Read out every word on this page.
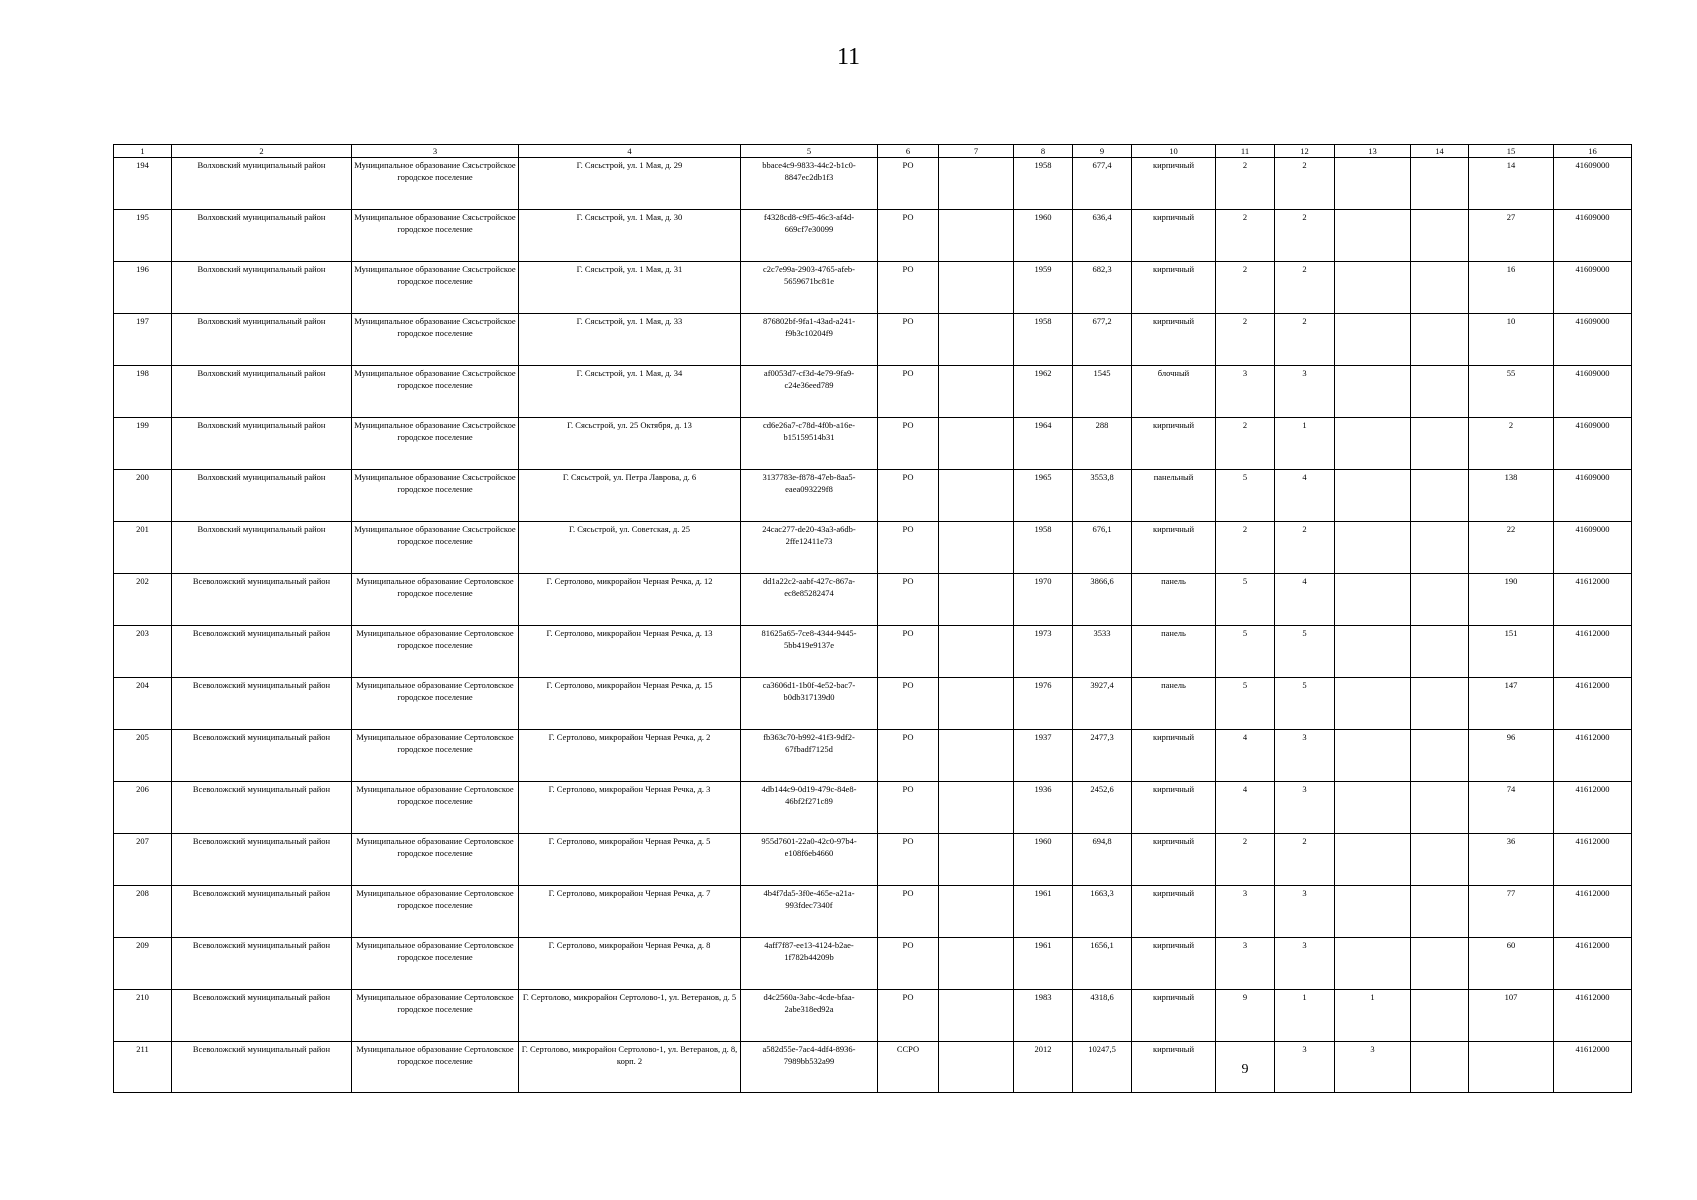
11
1	2	3	4	5	6	7	8	9	10	11	12	13	14	15	16
194	Волховский муниципальный район	Муниципальное образование Сясьстройское городское поселение	Г. Сясьстрой, ул. 1 Мая, д. 29	bbace4c9-9833-44c2-b1c0-8847ec2db1f3	РО		1958	677,4	кирпичный	2	2			14	41609000
195	Волховский муниципальный район	Муниципальное образование Сясьстройское городское поселение	Г. Сясьстрой, ул. 1 Мая, д. 30	f4328cd8-c9f5-46c3-af4d-669cf7e30099	РО		1960	636,4	кирпичный	2	2			27	41609000
196	Волховский муниципальный район	Муниципальное образование Сясьстройское городское поселение	Г. Сясьстрой, ул. 1 Мая, д. 31	c2c7e99a-2903-4765-afeb-5659671bc81e	РО		1959	682,3	кирпичный	2	2			16	41609000
197	Волховский муниципальный район	Муниципальное образование Сясьстройское городское поселение	Г. Сясьстрой, ул. 1 Мая, д. 33	876802bf-9fa1-43ad-a241-f9b3c10204f9	РО		1958	677,2	кирпичный	2	2			10	41609000
198	Волховский муниципальный район	Муниципальное образование Сясьстройское городское поселение	Г. Сясьстрой, ул. 1 Мая, д. 34	af0053d7-cf3d-4e79-9fa9-c24e36eed789	РО		1962	1545	блочный	3	3			55	41609000
199	Волховский муниципальный район	Муниципальное образование Сясьстройское городское поселение	Г. Сясьстрой, ул. 25 Октября, д. 13	cd6e26a7-c78d-4f0b-a16e-b15159514b31	РО		1964	288	кирпичный	2	1			2	41609000
200	Волховский муниципальный район	Муниципальное образование Сясьстройское городское поселение	Г. Сясьстрой, ул. Петра Лаврова, д. 6	3137783e-f878-47eb-8aa5-eaea093229f8	РО		1965	3553,8	панельный	5	4			138	41609000
201	Волховский муниципальный район	Муниципальное образование Сясьстройское городское поселение	Г. Сясьстрой, ул. Советская, д. 25	24cac277-de20-43a3-a6db-2ffe12411e73	РО		1958	676,1	кирпичный	2	2			22	41609000
202	Всеволожский муниципальный район	Муниципальное образование Сертоловское городское поселение	Г. Сертолово, микрорайон Черная Речка, д. 12	dd1a22c2-aabf-427c-867a-ec8e85282474	РО		1970	3866,6	панель	5	4			190	41612000
203	Всеволожский муниципальный район	Муниципальное образование Сертоловское городское поселение	Г. Сертолово, микрорайон Черная Речка, д. 13	81625a65-7ce8-4344-9445-5bb419e9137e	РО		1973	3533	панель	5	5			151	41612000
204	Всеволожский муниципальный район	Муниципальное образование Сертоловское городское поселение	Г. Сертолово, микрорайон Черная Речка, д. 15	ca3606d1-1b0f-4e52-bac7-b0db317139d0	РО		1976	3927,4	панель	5	5			147	41612000
205	Всеволожский муниципальный район	Муниципальное образование Сертоловское городское поселение	Г. Сертолово, микрорайон Черная Речка, д. 2	fb363c70-b992-41f3-9df2-67fbadf7125d	РО		1937	2477,3	кирпичный	4	3			96	41612000
206	Всеволожский муниципальный район	Муниципальное образование Сертоловское городское поселение	Г. Сертолово, микрорайон Черная Речка, д. 3	4db144c9-0d19-479c-84e8-46bf2f271c89	РО		1936	2452,6	кирпичный	4	3			74	41612000
207	Всеволожский муниципальный район	Муниципальное образование Сертоловское городское поселение	Г. Сертолово, микрорайон Черная Речка, д. 5	955d7601-22a0-42c0-97b4-e108f6eb4660	РО		1960	694,8	кирпичный	2	2			36	41612000
208	Всеволожский муниципальный район	Муниципальное образование Сертоловское городское поселение	Г. Сертолово, микрорайон Черная Речка, д. 7	4b4f7da5-3f0e-465e-a21a-993fdec7340f	РО		1961	1663,3	кирпичный	3	3			77	41612000
209	Всеволожский муниципальный район	Муниципальное образование Сертоловское городское поселение	Г. Сертолово, микрорайон Черная Речка, д. 8	4aff7f87-ee13-4124-b2ae-1f782b44209b	РО		1961	1656,1	кирпичный	3	3			60	41612000
210	Всеволожский муниципальный район	Муниципальное образование Сертоловское городское поселение	Г. Сертолово, микрорайон Сертолово-1, ул. Ветеранов, д. 5	d4c2560a-3abc-4cde-bfaa-2abe318ed92a	РО		1983	4318,6	кирпичный	9	1	1		107	41612000
211	Всеволожский муниципальный район	Муниципальное образование Сертоловское городское поселение	Г. Сертолово, микрорайон Сертолово-1, ул. Ветеранов, д. 8, корп. 2	a582d55e-7ac4-4df4-8936-7989bb532a99	ССРО		2012	10247,5	кирпичный	9	3	3			41612000
